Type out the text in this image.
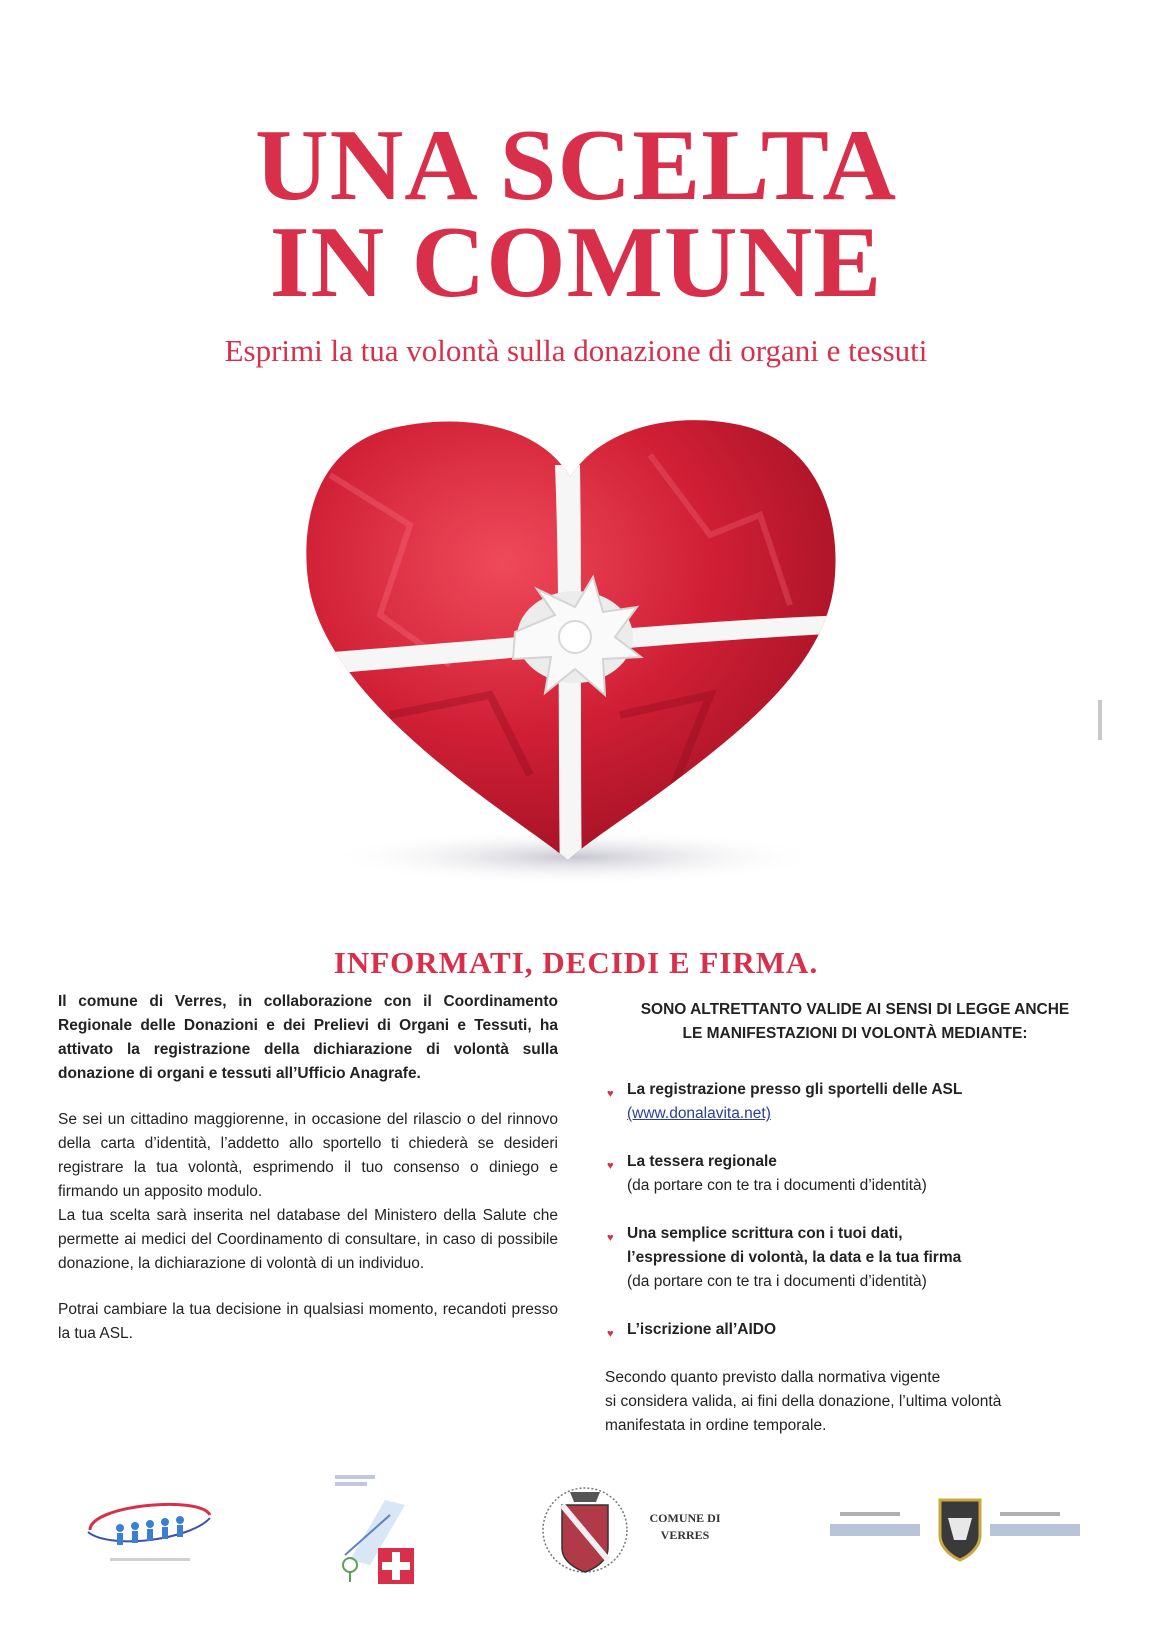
UNA SCELTA
IN COMUNE
Esprimi la tua volontà sulla donazione di organi e tessuti
INFORMATI, DECIDI E FIRMA.

Il comune di Verres, in collaborazione con il Coordinamento Regionale delle Donazioni e dei Prelievi di Organi e Tessuti, ha attivato la registrazione della dichiarazione di volontà sulla donazione di organi e tessuti all’Ufficio Anagrafe.

Se sei un cittadino maggiorenne, in occasione del rilascio o del rinnovo della carta d’identità, l’addetto allo sportello ti chiederà se desideri registrare la tua volontà, esprimendo il tuo consenso o diniego e firmando un apposito modulo.

La tua scelta sarà inserita nel database del Ministero della Salute che permette ai medici del Coordinamento di consultare, in caso di possibile donazione, la dichiarazione di volontà di un individuo.

Potrai cambiare la tua decisione in qualsiasi momento, recandoti presso la tua ASL.

SONO ALTRETTANTO VALIDE AI SENSI DI LEGGE ANCHE
LE MANIFESTAZIONI DI VOLONTÀ MEDIANTE:
♥ La registrazione presso gli sportelli delle ASL
(www.donalavita.net)
♥ La tessera regionale
(da portare con te tra i documenti d’identità)
♥ Una semplice scrittura con i tuoi dati,
l’espressione di volontà, la data e la tua firma
(da portare con te tra i documenti d’identità)
♥ L’iscrizione all’AIDO

Secondo quanto previsto dalla normativa vigente
si considera valida, ai fini della donazione, l’ultima volontà
manifestata in ordine temporale.

COMUNE DI
VERRES
